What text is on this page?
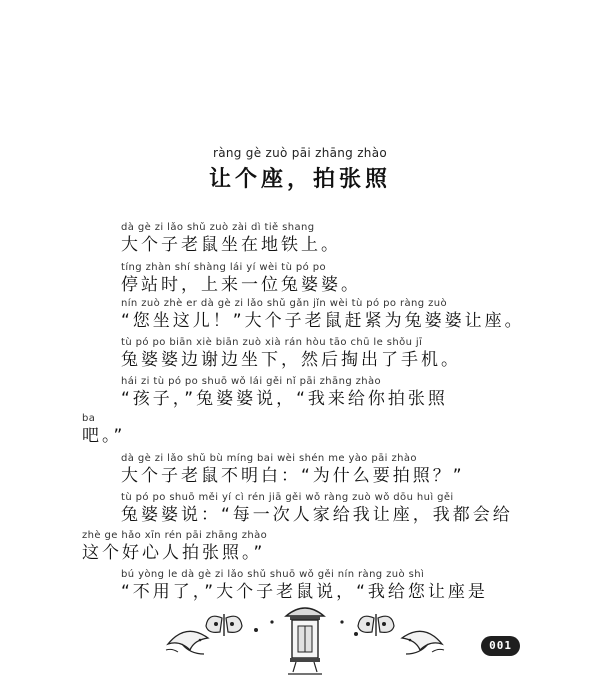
ràng gè zuò pāi zhāng zhào
让个座，拍张照
dà gè zi lǎo shǔ zuò zài dì tiě shang
大个子老鼠坐在地铁上。
tíng zhàn shí shàng lái yí wèi tù pó po
停站时，上来一位兔婆婆。
nín zuò zhè er dà gè zi lǎo shǔ gǎn jǐn wèi tù pó po ràng zuò
“您坐这儿！”大个子老鼠赶紧为兔婆婆让座。
tù pó po biān xiè biān zuò xià rán hòu tāo chū le shǒu jī
兔婆婆边谢边坐下，然后掏出了手机。
hái zi tù pó po shuō wǒ lái gěi nǐ pāi zhāng zhào
“孩子，”兔婆婆说，“我来给你拍张照
ba
吧。”
dà gè zi lǎo shǔ bù míng bai wèi shén me yào pāi zhào
大个子老鼠不明白：“为什么要拍照？”
tù pó po shuō měi yí cì rén jiā gěi wǒ ràng zuò wǒ dōu huì gěi
兔婆婆说：“每一次人家给我让座，我都会给
zhè ge hǎo xīn rén pāi zhāng zhào
这个好心人拍张照。”
bú yòng le dà gè zi lǎo shǔ shuō wǒ gěi nín ràng zuò shì
“不用了，”大个子老鼠说，“我给您让座是
001
